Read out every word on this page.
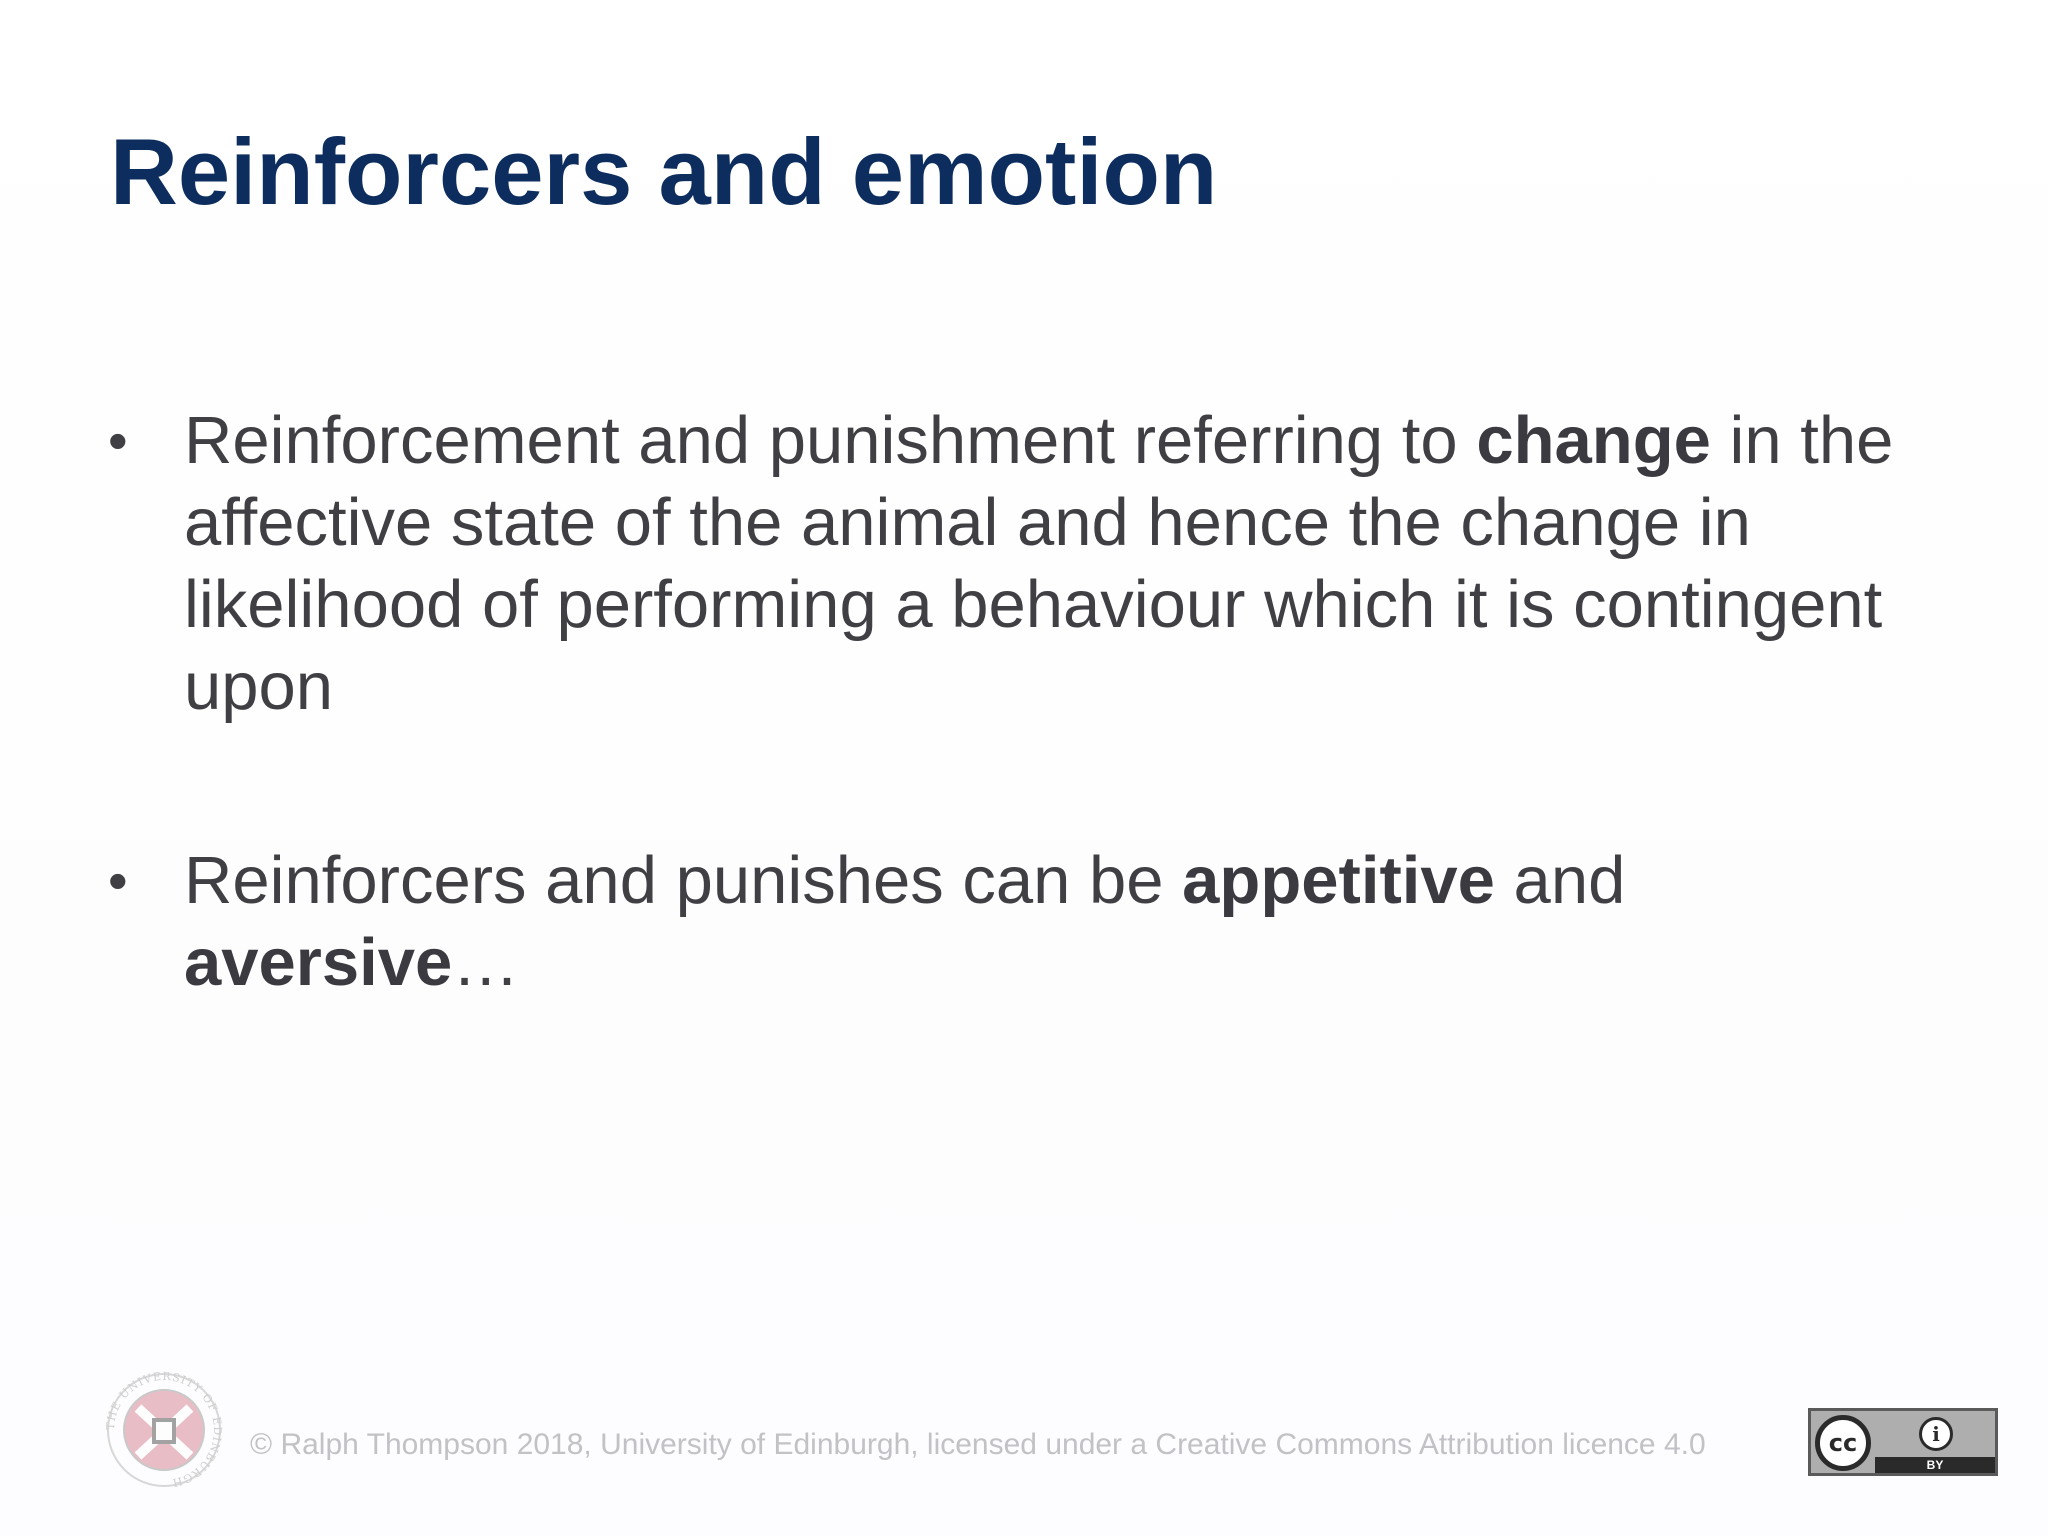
Reinforcers and emotion
• Reinforcement and punishment referring to change in the affective state of the animal and hence the change in likelihood of performing a behaviour which it is contingent upon
• Reinforcers and punishes can be appetitive and aversive…
THE UNIVERSITY OF EDINBURGH
© Ralph Thompson 2018, University of Edinburgh, licensed under a Creative Commons Attribution licence 4.0	cc	i
BY
